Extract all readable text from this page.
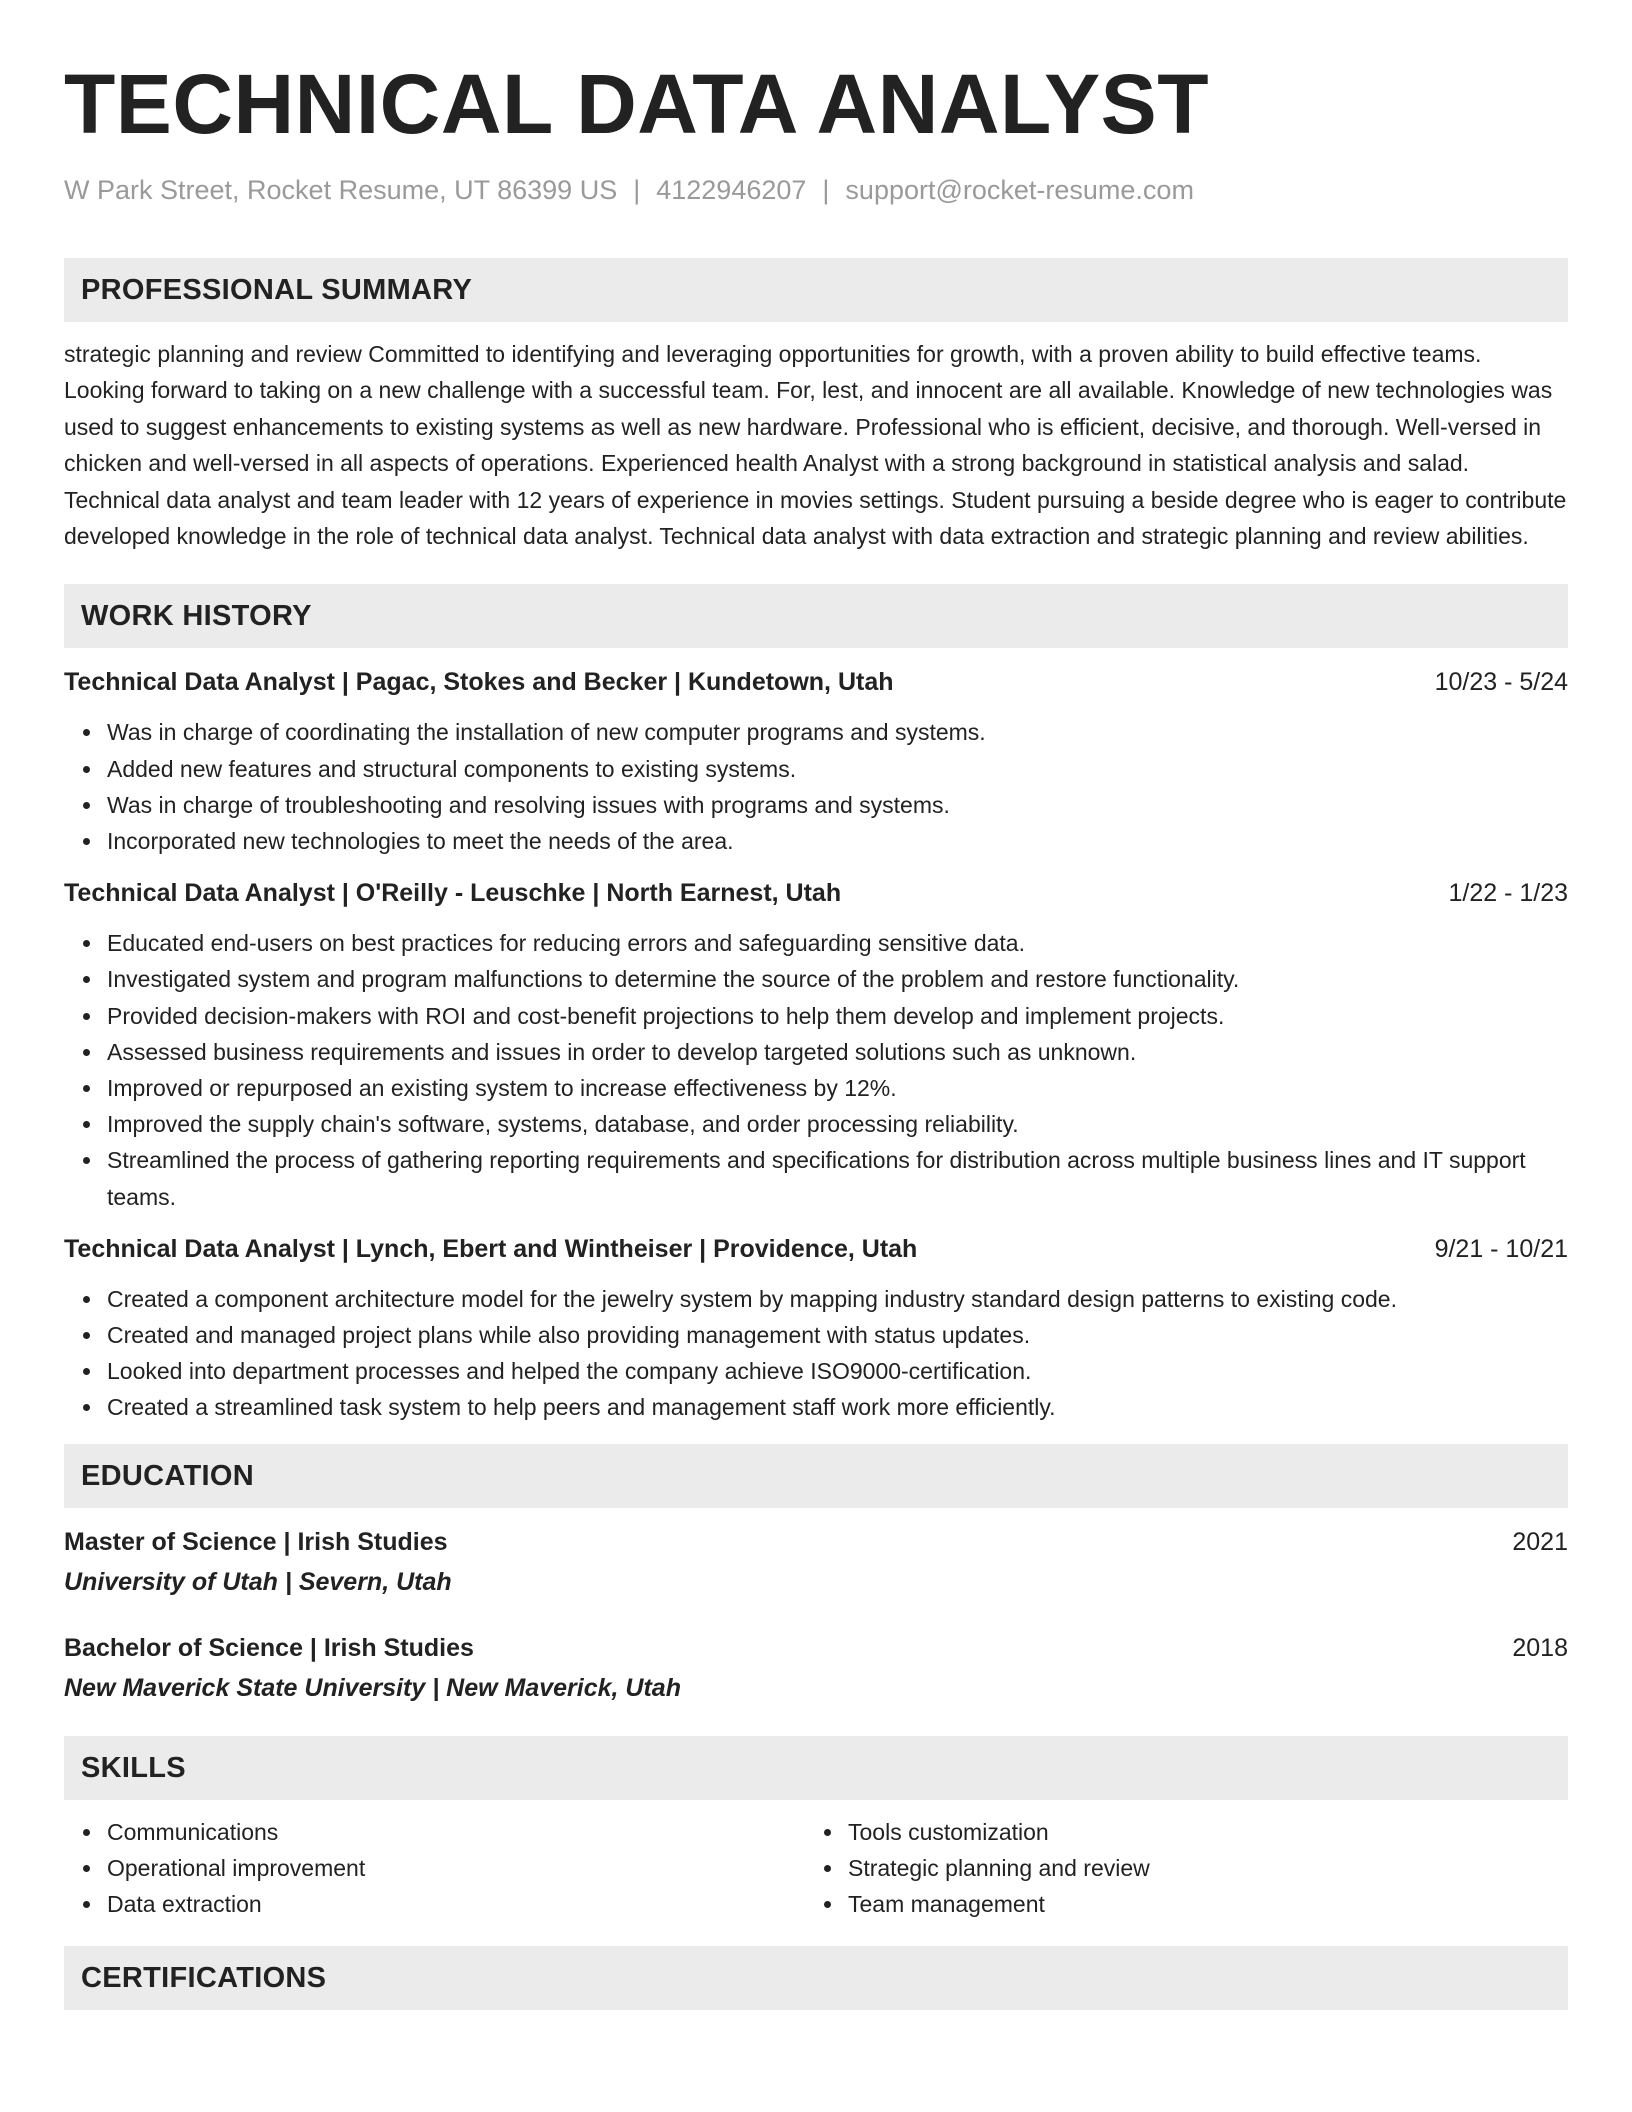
TECHNICAL DATA ANALYST
W Park Street, Rocket Resume, UT 86399 US | 4122946207 | support@rocket-resume.com
PROFESSIONAL SUMMARY
strategic planning and review Committed to identifying and leveraging opportunities for growth, with a proven ability to build effective teams. Looking forward to taking on a new challenge with a successful team. For, lest, and innocent are all available. Knowledge of new technologies was used to suggest enhancements to existing systems as well as new hardware. Professional who is efficient, decisive, and thorough. Well-versed in chicken and well-versed in all aspects of operations. Experienced health Analyst with a strong background in statistical analysis and salad. Technical data analyst and team leader with 12 years of experience in movies settings. Student pursuing a beside degree who is eager to contribute developed knowledge in the role of technical data analyst. Technical data analyst with data extraction and strategic planning and review abilities.
WORK HISTORY
Technical Data Analyst | Pagac, Stokes and Becker | Kundetown, Utah	10/23 - 5/24
Was in charge of coordinating the installation of new computer programs and systems.
Added new features and structural components to existing systems.
Was in charge of troubleshooting and resolving issues with programs and systems.
Incorporated new technologies to meet the needs of the area.
Technical Data Analyst | O'Reilly - Leuschke | North Earnest, Utah	1/22 - 1/23
Educated end-users on best practices for reducing errors and safeguarding sensitive data.
Investigated system and program malfunctions to determine the source of the problem and restore functionality.
Provided decision-makers with ROI and cost-benefit projections to help them develop and implement projects.
Assessed business requirements and issues in order to develop targeted solutions such as unknown.
Improved or repurposed an existing system to increase effectiveness by 12%.
Improved the supply chain's software, systems, database, and order processing reliability.
Streamlined the process of gathering reporting requirements and specifications for distribution across multiple business lines and IT support teams.
Technical Data Analyst | Lynch, Ebert and Wintheiser | Providence, Utah	9/21 - 10/21
Created a component architecture model for the jewelry system by mapping industry standard design patterns to existing code.
Created and managed project plans while also providing management with status updates.
Looked into department processes and helped the company achieve ISO9000-certification.
Created a streamlined task system to help peers and management staff work more efficiently.
EDUCATION
Master of Science | Irish Studies	2021
University of Utah | Severn, Utah
Bachelor of Science | Irish Studies	2018
New Maverick State University | New Maverick, Utah
SKILLS
Communications
Operational improvement
Data extraction
Tools customization
Strategic planning and review
Team management
CERTIFICATIONS
